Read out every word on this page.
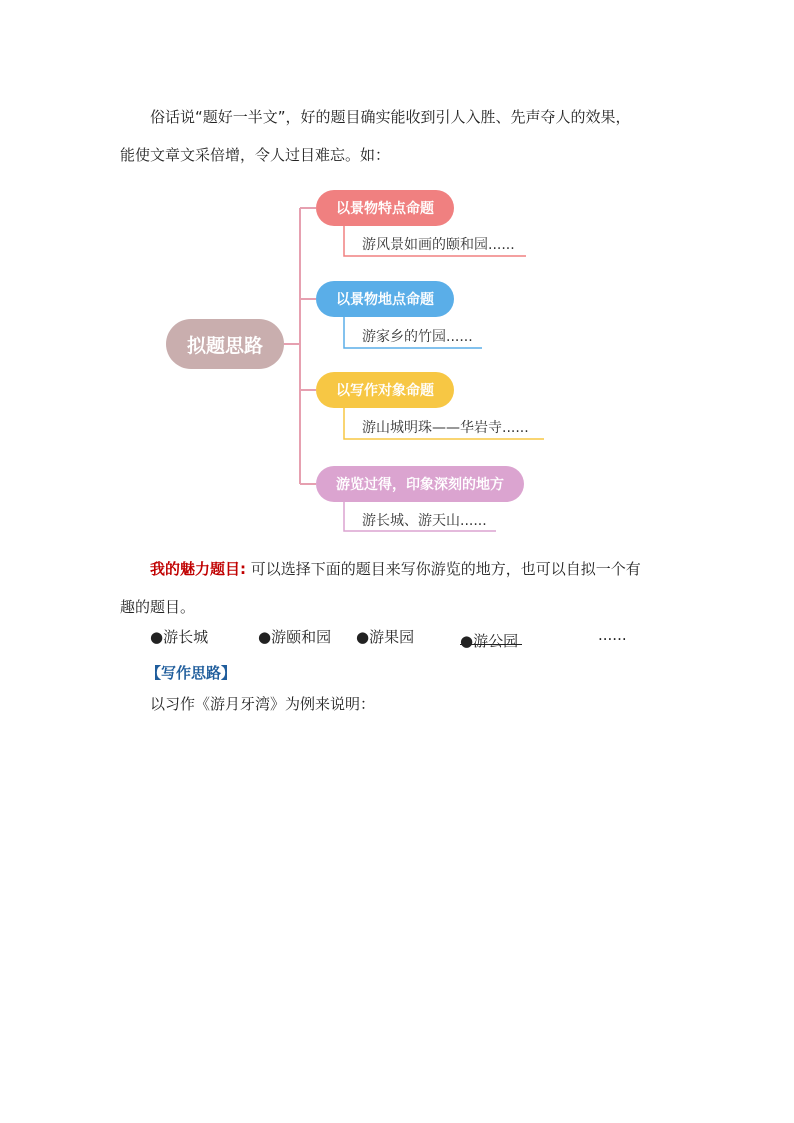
俗话说“题好一半文”，好的题目确实能收到引人入胜、先声夺人的效果，
能使文章文采倍增，令人过目难忘。如：

拟题思路
以景物特点命题
游风景如画的颐和园......
以景物地点命题
游家乡的竹园......
以写作对象命题
游山城明珠——华岩寺......
游览过得，印象深刻的地方
游长城、游天山......

我的魅力题目: 可以选择下面的题目来写你游览的地方，也可以自拟一个有
趣的题目。

●游长城	●游颐和园 ●游果园	●游公园	......
【写作思路】
以习作《游月牙湾》为例来说明：
